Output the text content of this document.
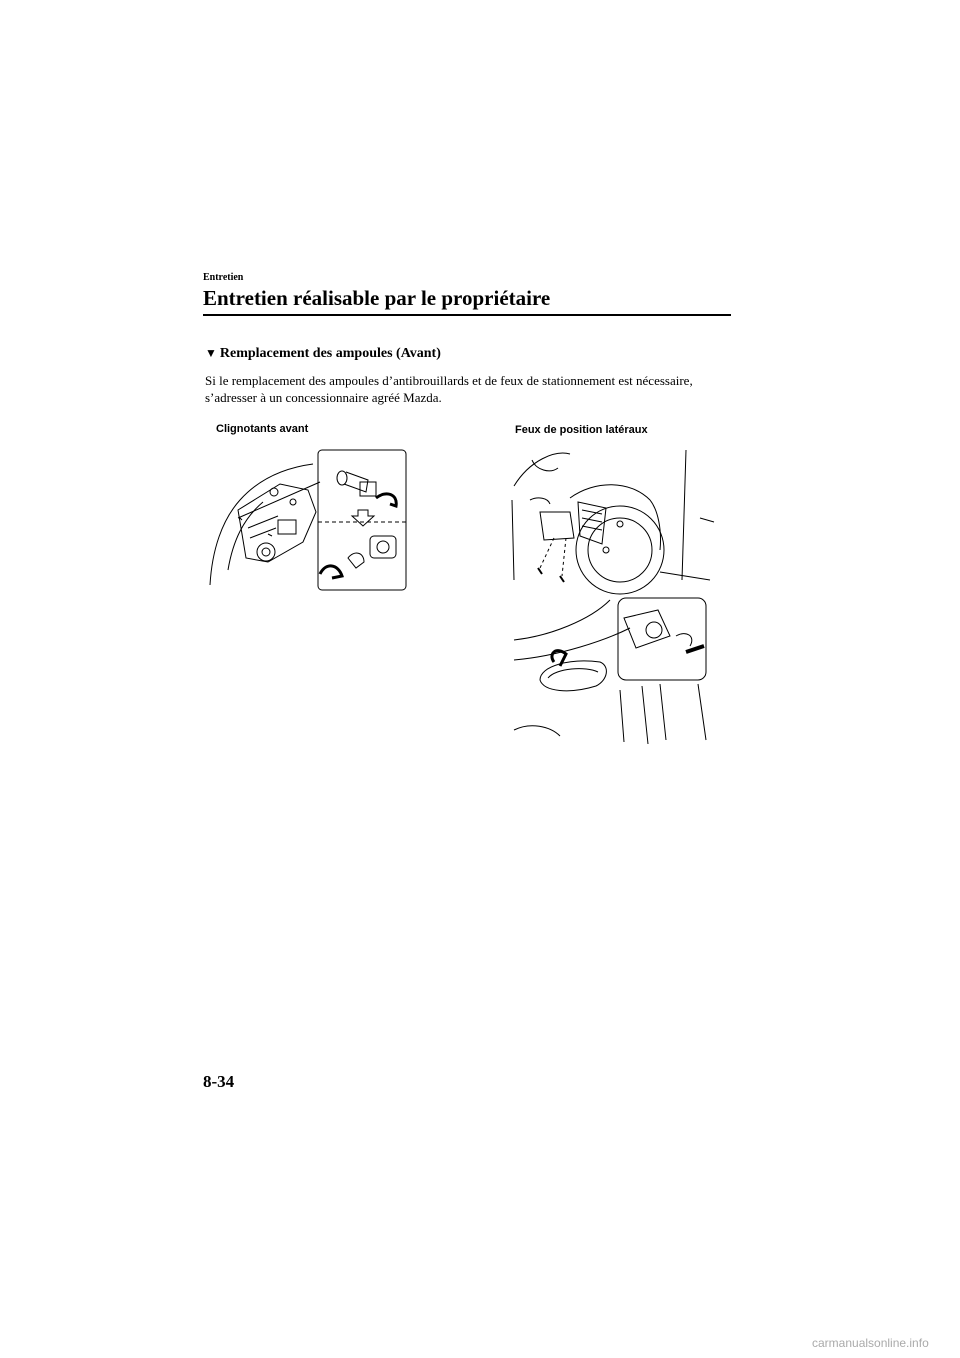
Entretien
Entretien réalisable par le propriétaire
▼ Remplacement des ampoules (Avant)

Si le remplacement des ampoules d’antibrouillards et de feux de stationnement est nécessaire, s’adresser à un concessionnaire agréé Mazda.

Clignotants avant	Feux de position latéraux
8-34
carmanualsonline.info
